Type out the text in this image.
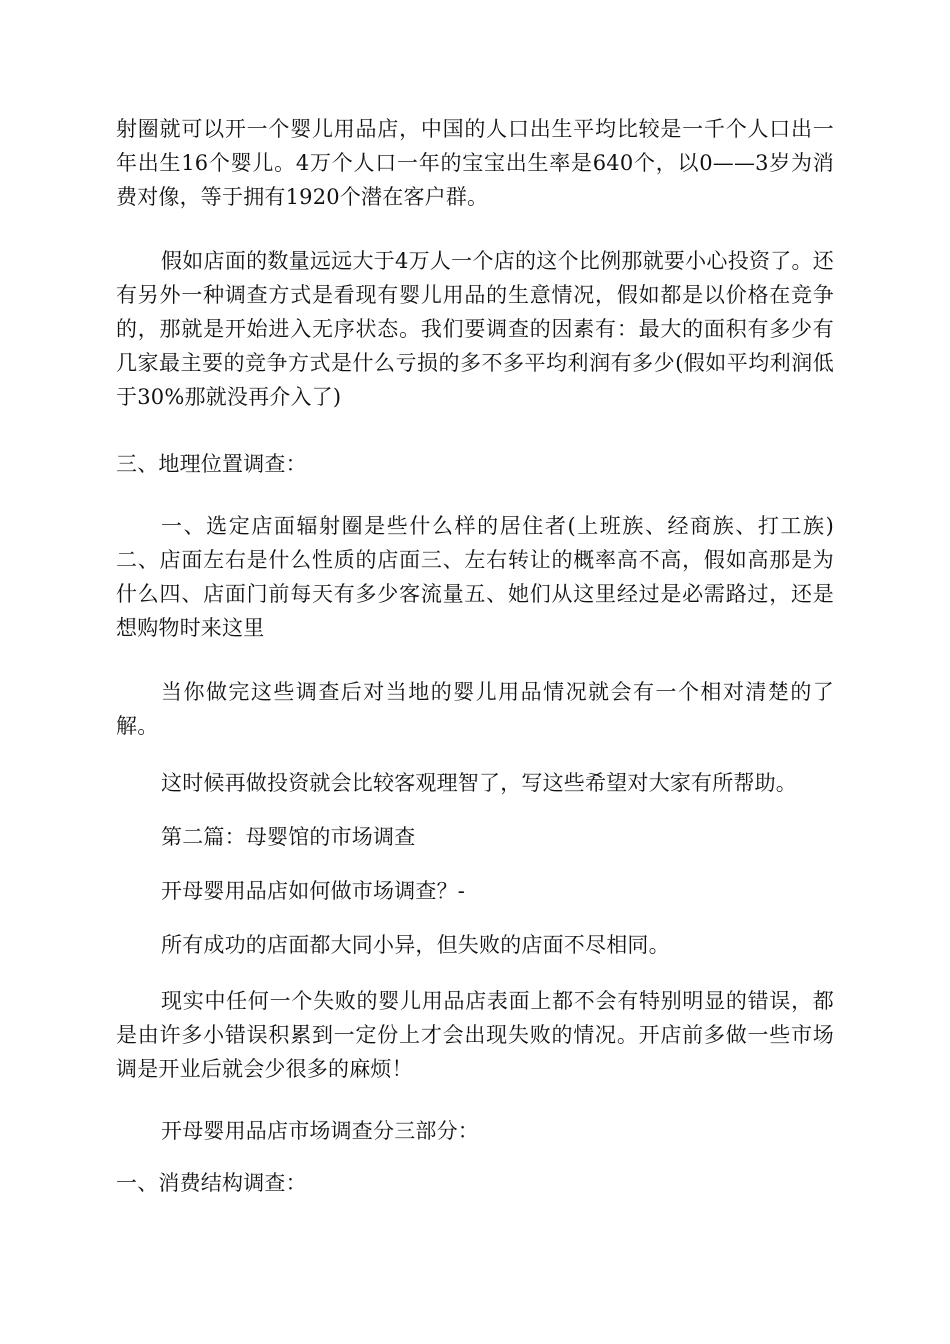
射圈就可以开一个婴儿用品店，中国的人口出生平均比较是一千个人口出一年出生16个婴儿。4万个人口一年的宝宝出生率是640个，以0——3岁为消费对像，等于拥有1920个潜在客户群。

假如店面的数量远远大于4万人一个店的这个比例那就要小心投资了。还有另外一种调查方式是看现有婴儿用品的生意情况，假如都是以价格在竞争的，那就是开始进入无序状态。我们要调查的因素有：最大的面积有多少有几家最主要的竞争方式是什么亏损的多不多平均利润有多少(假如平均利润低于30%那就没再介入了)

三、地理位置调查：

一、选定店面辐射圈是些什么样的居住者(上班族、经商族、打工族)二、店面左右是什么性质的店面三、左右转让的概率高不高，假如高那是为什么四、店面门前每天有多少客流量五、她们从这里经过是必需路过，还是想购物时来这里

当你做完这些调查后对当地的婴儿用品情况就会有一个相对清楚的了解。

这时候再做投资就会比较客观理智了，写这些希望对大家有所帮助。

第二篇：母婴馆的市场调查

开母婴用品店如何做市场调查？-

所有成功的店面都大同小异，但失败的店面不尽相同。

现实中任何一个失败的婴儿用品店表面上都不会有特别明显的错误，都是由许多小错误积累到一定份上才会出现失败的情况。开店前多做一些市场调是开业后就会少很多的麻烦！

开母婴用品店市场调查分三部分：

一、消费结构调查：
